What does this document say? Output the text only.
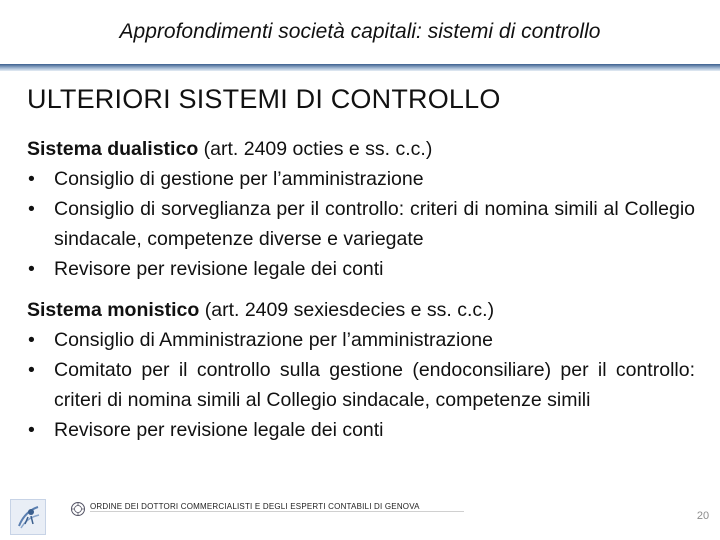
Approfondimenti società capitali: sistemi di controllo
ULTERIORI SISTEMI DI CONTROLLO
Sistema dualistico (art. 2409 octies e ss. c.c.)
• Consiglio di gestione per l’amministrazione
• Consiglio di sorveglianza per il controllo: criteri di nomina simili al Collegio sindacale, competenze diverse e variegate
• Revisore per revisione legale dei conti
Sistema monistico (art. 2409 sexiesdecies e ss. c.c.)
• Consiglio di Amministrazione per l’amministrazione
• Comitato per il controllo sulla gestione (endoconsiliare) per il controllo: criteri di nomina simili al Collegio sindacale, competenze simili
• Revisore per revisione legale dei conti
ORDINE DEI DOTTORI COMMERCIALISTI E DEGLI ESPERTI CONTABILI DI GENOVA
20
